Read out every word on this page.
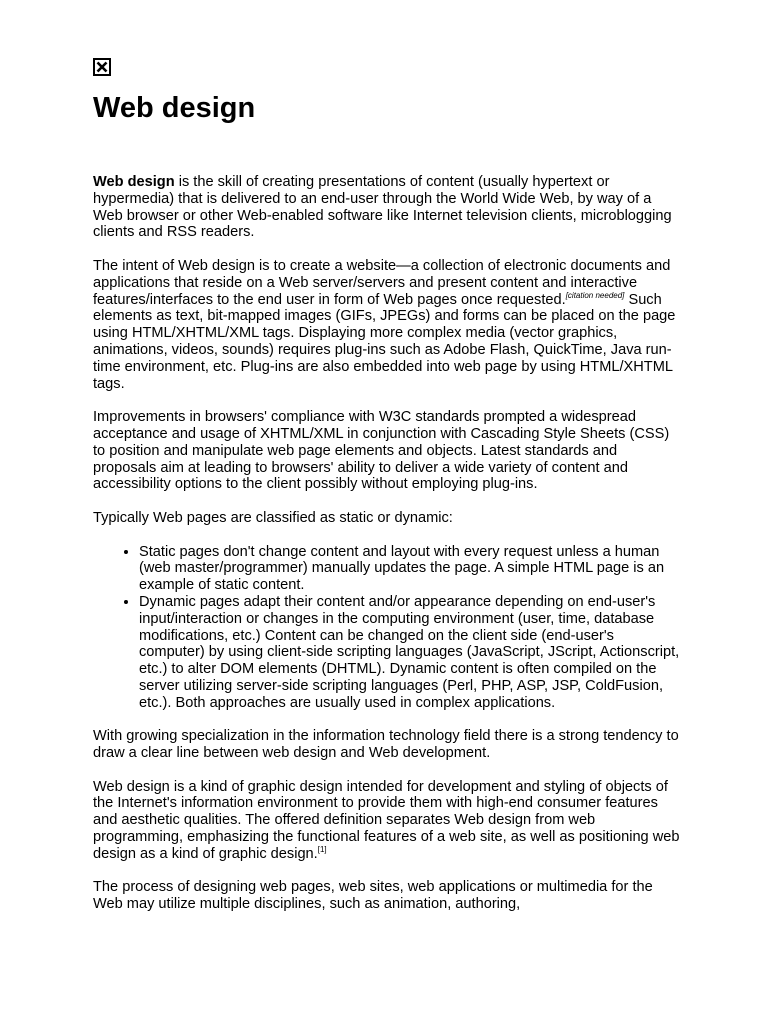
Web design

Web design is the skill of creating presentations of content (usually hypertext or hypermedia) that is delivered to an end-user through the World Wide Web, by way of a Web browser or other Web-enabled software like Internet television clients, microblogging clients and RSS readers.

The intent of Web design is to create a website—a collection of electronic documents and applications that reside on a Web server/servers and present content and interactive features/interfaces to the end user in form of Web pages once requested.[citation needed] Such elements as text, bit-mapped images (GIFs, JPEGs) and forms can be placed on the page using HTML/XHTML/XML tags. Displaying more complex media (vector graphics, animations, videos, sounds) requires plug-ins such as Adobe Flash, QuickTime, Java run-time environment, etc. Plug-ins are also embedded into web page by using HTML/XHTML tags.

Improvements in browsers' compliance with W3C standards prompted a widespread acceptance and usage of XHTML/XML in conjunction with Cascading Style Sheets (CSS) to position and manipulate web page elements and objects. Latest standards and proposals aim at leading to browsers' ability to deliver a wide variety of content and accessibility options to the client possibly without employing plug-ins.

Typically Web pages are classified as static or dynamic:

• Static pages don't change content and layout with every request unless a human (web master/programmer) manually updates the page. A simple HTML page is an example of static content.
• Dynamic pages adapt their content and/or appearance depending on end-user's input/interaction or changes in the computing environment (user, time, database modifications, etc.) Content can be changed on the client side (end-user's computer) by using client-side scripting languages (JavaScript, JScript, Actionscript, etc.) to alter DOM elements (DHTML). Dynamic content is often compiled on the server utilizing server-side scripting languages (Perl, PHP, ASP, JSP, ColdFusion, etc.). Both approaches are usually used in complex applications.

With growing specialization in the information technology field there is a strong tendency to draw a clear line between web design and Web development.

Web design is a kind of graphic design intended for development and styling of objects of the Internet's information environment to provide them with high-end consumer features and aesthetic qualities. The offered definition separates Web design from web programming, emphasizing the functional features of a web site, as well as positioning web design as a kind of graphic design.[1]

The process of designing web pages, web sites, web applications or multimedia for the Web may utilize multiple disciplines, such as animation, authoring,
